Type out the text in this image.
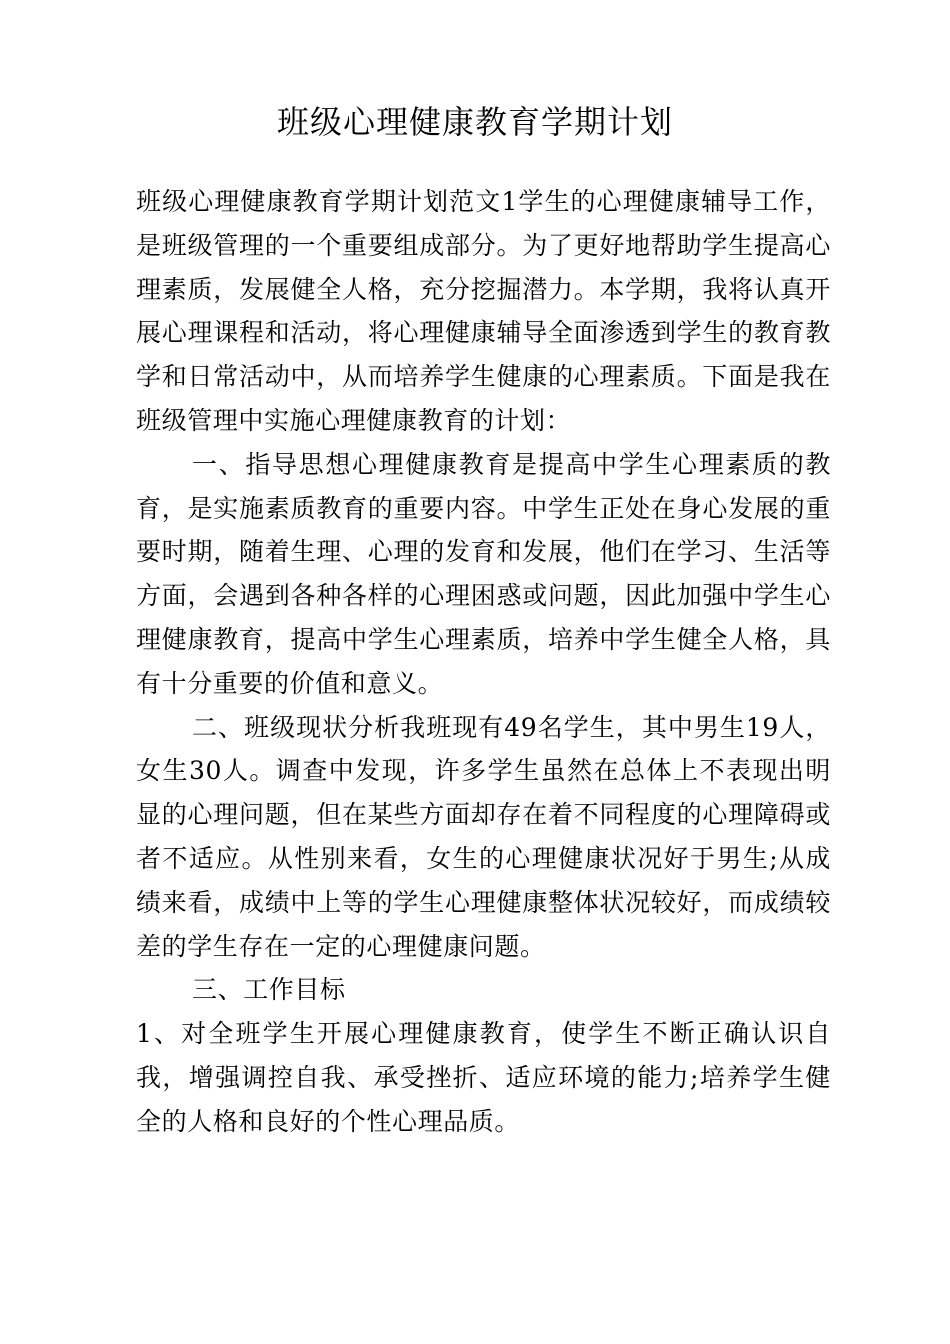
班级心理健康教育学期计划

班级心理健康教育学期计划范文1学生的心理健康辅导工作，是班级管理的一个重要组成部分。为了更好地帮助学生提高心理素质，发展健全人格，充分挖掘潜力。本学期，我将认真开展心理课程和活动，将心理健康辅导全面渗透到学生的教育教学和日常活动中，从而培养学生健康的心理素质。下面是我在班级管理中实施心理健康教育的计划：

一、指导思想心理健康教育是提高中学生心理素质的教育，是实施素质教育的重要内容。中学生正处在身心发展的重要时期，随着生理、心理的发育和发展，他们在学习、生活等方面，会遇到各种各样的心理困惑或问题，因此加强中学生心理健康教育，提高中学生心理素质，培养中学生健全人格，具有十分重要的价值和意义。

二、班级现状分析我班现有49名学生，其中男生19人，女生30人。调查中发现，许多学生虽然在总体上不表现出明显的心理问题，但在某些方面却存在着不同程度的心理障碍或者不适应。从性别来看，女生的心理健康状况好于男生;从成绩来看，成绩中上等的学生心理健康整体状况较好，而成绩较差的学生存在一定的心理健康问题。

三、工作目标

1、对全班学生开展心理健康教育，使学生不断正确认识自我，增强调控自我、承受挫折、适应环境的能力;培养学生健全的人格和良好的个性心理品质。
